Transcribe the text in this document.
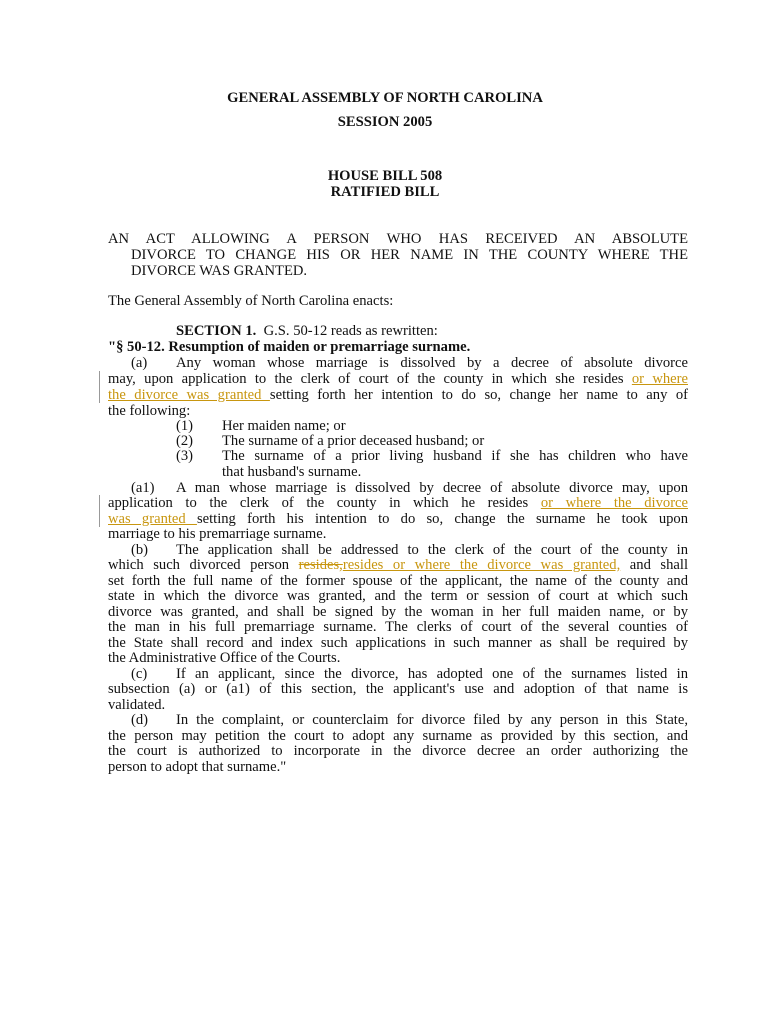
GENERAL ASSEMBLY OF NORTH CAROLINA
SESSION 2005
HOUSE BILL 508
RATIFIED BILL
AN ACT ALLOWING A PERSON WHO HAS RECEIVED AN ABSOLUTE
DIVORCE TO CHANGE HIS OR HER NAME IN THE COUNTY WHERE THE
DIVORCE WAS GRANTED.
The General Assembly of North Carolina enacts:
SECTION 1. G.S. 50-12 reads as rewritten:
"§ 50-12. Resumption of maiden or premarriage surname.
(a) Any woman whose marriage is dissolved by a decree of absolute divorce
may, upon application to the clerk of court of the county in which she resides or where
the divorce was granted setting forth her intention to do so, change her name to any of
the following:
(1) Her maiden name; or
(2) The surname of a prior deceased husband; or
(3) The surname of a prior living husband if she has children who have
that husband's surname.
(a1) A man whose marriage is dissolved by decree of absolute divorce may, upon
application to the clerk of the county in which he resides or where the divorce
was granted setting forth his intention to do so, change the surname he took upon
marriage to his premarriage surname.
(b) The application shall be addressed to the clerk of the court of the county in
which such divorced person resides,resides or where the divorce was granted, and shall
set forth the full name of the former spouse of the applicant, the name of the county and
state in which the divorce was granted, and the term or session of court at which such
divorce was granted, and shall be signed by the woman in her full maiden name, or by
the man in his full premarriage surname. The clerks of court of the several counties of
the State shall record and index such applications in such manner as shall be required by
the Administrative Office of the Courts.
(c) If an applicant, since the divorce, has adopted one of the surnames listed in
subsection (a) or (a1) of this section, the applicant's use and adoption of that name is
validated.
(d) In the complaint, or counterclaim for divorce filed by any person in this State,
the person may petition the court to adopt any surname as provided by this section, and
the court is authorized to incorporate in the divorce decree an order authorizing the
person to adopt that surname."
